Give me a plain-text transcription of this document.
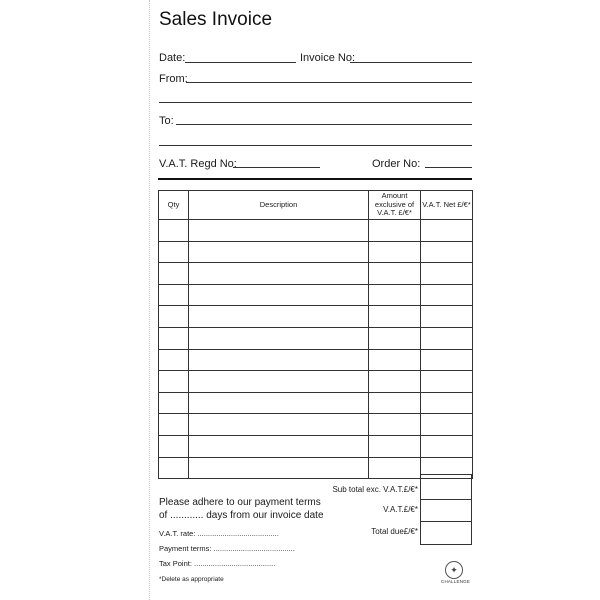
Sales Invoice
Date:	Invoice No:
From:
To:
V.A.T. Regd No:	Order No:
Qty	Description	Amount exclusive of V.A.T. £/€*	V.A.T. Net £/€*

Sub total exc. V.A.T.£/€*
V.A.T.£/€*
Total due£/€*
Please adhere to our payment terms
of ............ days from our invoice date
V.A.T. rate: .......................................
Payment terms: .......................................
Tax Point: .......................................
*Delete as appropriate
✦
CHALLENGE
